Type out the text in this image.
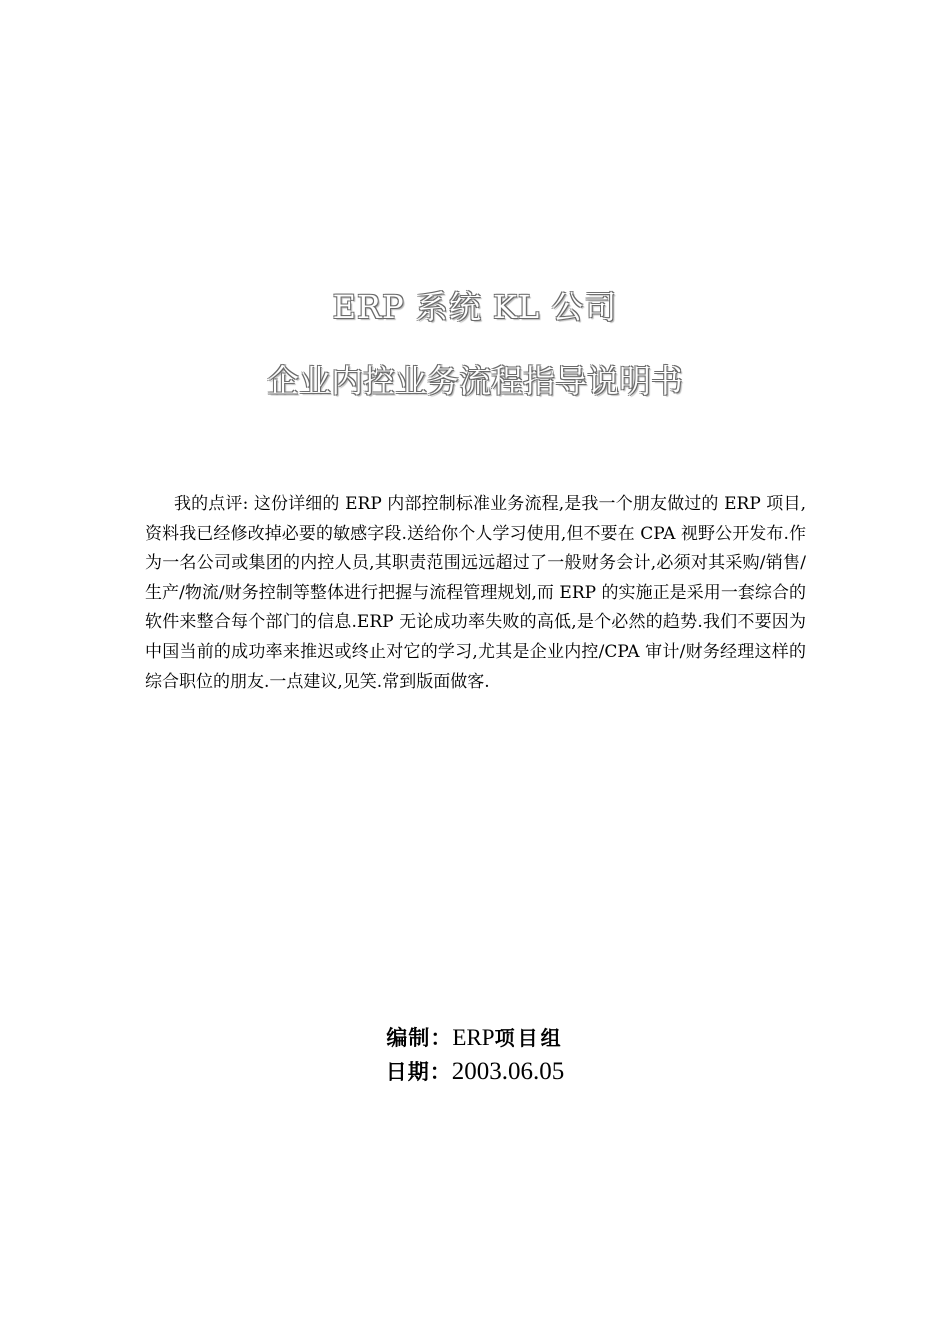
ERP 系统 KL 公司
企业内控业务流程指导说明书

我的点评: 这份详细的 ERP 内部控制标准业务流程,是我一个朋友做过的 ERP 项目,资料我已经修改掉必要的敏感字段.送给你个人学习使用,但不要在 CPA 视野公开发布.作为一名公司或集团的内控人员,其职责范围远远超过了一般财务会计,必须对其采购/销售/生产/物流/财务控制等整体进行把握与流程管理规划,而 ERP 的实施正是采用一套综合的软件来整合每个部门的信息.ERP 无论成功率失败的高低,是个必然的趋势.我们不要因为中国当前的成功率来推迟或终止对它的学习,尤其是企业内控/CPA 审计/财务经理这样的综合职位的朋友.一点建议,见笑.常到版面做客.

编制：ERP项目组
日期：2003.06.05
